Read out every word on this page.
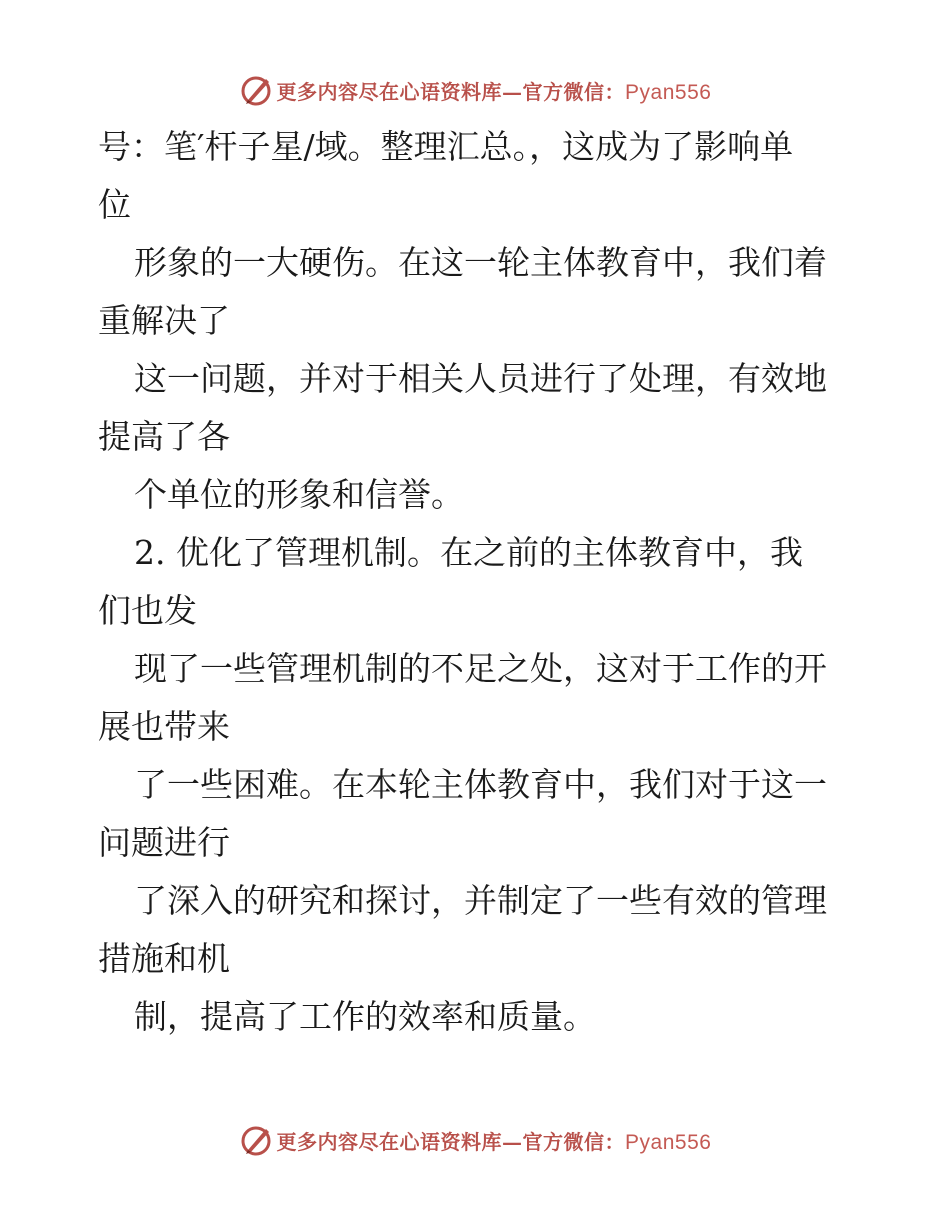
更多内容尽在心语资料库—官方微信：Pyan556
号：笔′杆子星/域。整理汇总。，这成为了影响单
位
形象的一大硬伤。在这一轮主体教育中，我们着
重解决了
这一问题，并对于相关人员进行了处理，有效地
提高了各
个单位的形象和信誉。
2. 优化了管理机制。在之前的主体教育中，我
们也发
现了一些管理机制的不足之处，这对于工作的开
展也带来
了一些困难。在本轮主体教育中，我们对于这一
问题进行
了深入的研究和探讨，并制定了一些有效的管理
措施和机
制，提高了工作的效率和质量。
更多内容尽在心语资料库—官方微信：Pyan556
